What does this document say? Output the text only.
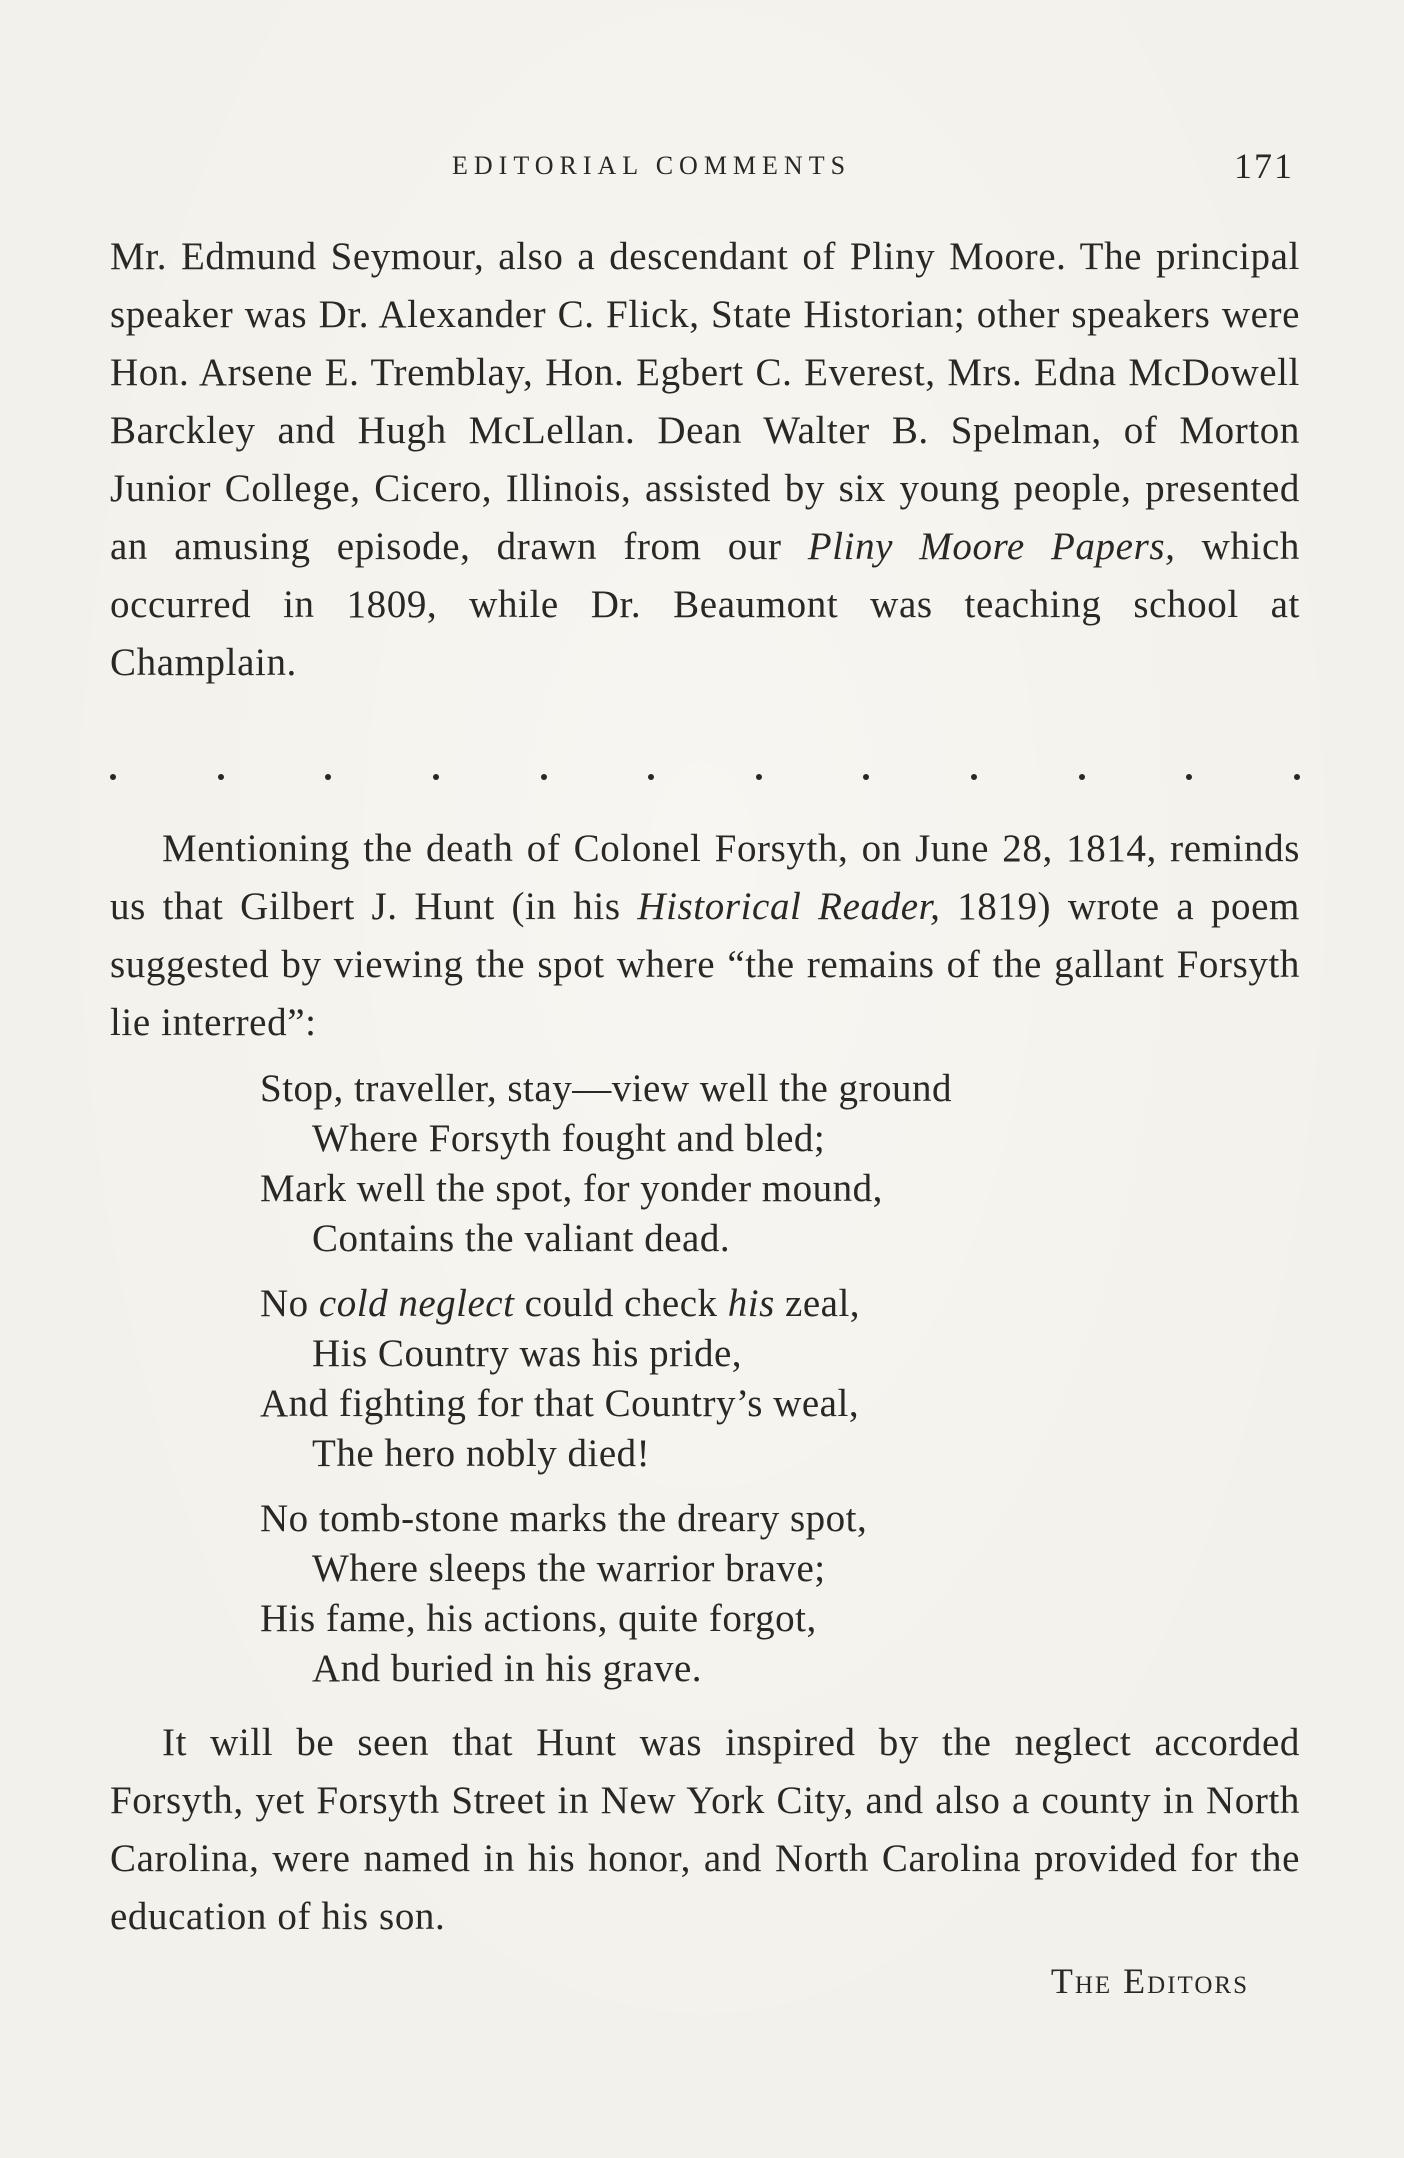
EDITORIAL COMMENTS	171

Mr. Edmund Seymour, also a descendant of Pliny Moore. The principal speaker was Dr. Alexander C. Flick, State Historian; other speakers were Hon. Arsene E. Tremblay, Hon. Egbert C. Everest, Mrs. Edna McDowell Barckley and Hugh McLellan. Dean Walter B. Spelman, of Morton Junior College, Cicero, Illinois, assisted by six young people, presented an amusing episode, drawn from our Pliny Moore Papers, which occurred in 1809, while Dr. Beaumont was teaching school at Champlain.

Mentioning the death of Colonel Forsyth, on June 28, 1814, reminds us that Gilbert J. Hunt (in his Historical Reader, 1819) wrote a poem suggested by viewing the spot where “the remains of the gallant Forsyth lie interred”:

Stop, traveller, stay—view well the ground
Where Forsyth fought and bled;
Mark well the spot, for yonder mound,
Contains the valiant dead.
No cold neglect could check his zeal,
His Country was his pride,
And fighting for that Country’s weal,
The hero nobly died!
No tomb-stone marks the dreary spot,
Where sleeps the warrior brave;
His fame, his actions, quite forgot,
And buried in his grave.

It will be seen that Hunt was inspired by the neglect accorded Forsyth, yet Forsyth Street in New York City, and also a county in North Carolina, were named in his honor, and North Carolina provided for the education of his son.

The Editors
